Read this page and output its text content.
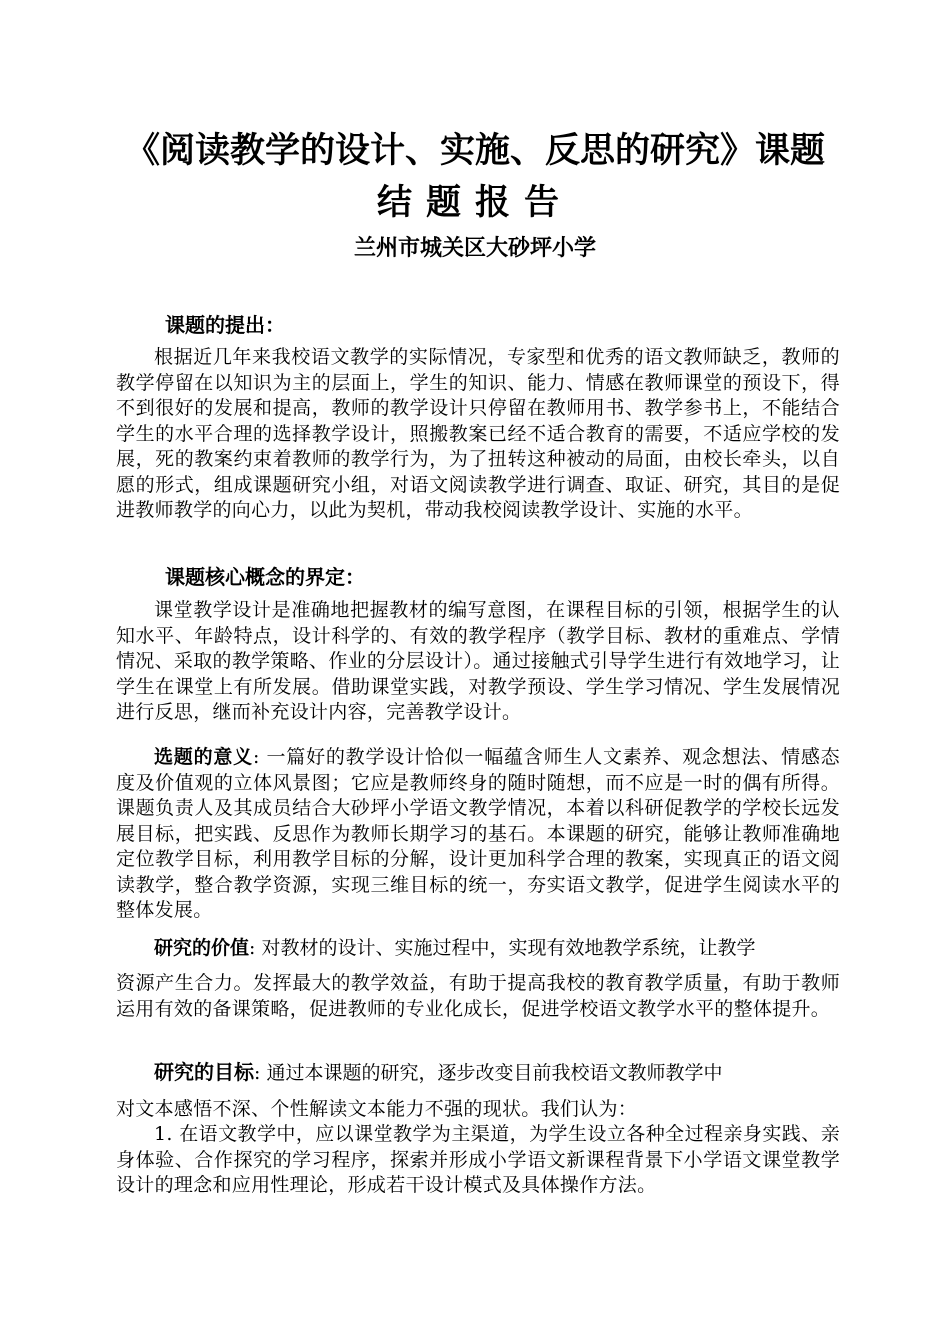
《阅读教学的设计、实施、反思的研究》课题
结题报告
兰州市城关区大砂坪小学
课题的提出：
根据近几年来我校语文教学的实际情况，专家型和优秀的语文教师缺乏，教师的教学停留在以知识为主的层面上，学生的知识、能力、情感在教师课堂的预设下，得不到很好的发展和提高，教师的教学设计只停留在教师用书、教学参书上，不能结合学生的水平合理的选择教学设计，照搬教案已经不适合教育的需要，不适应学校的发展，死的教案约束着教师的教学行为，为了扭转这种被动的局面，由校长牵头，以自愿的形式，组成课题研究小组，对语文阅读教学进行调查、取证、研究，其目的是促进教师教学的向心力，以此为契机，带动我校阅读教学设计、实施的水平。
课题核心概念的界定：
课堂教学设计是准确地把握教材的编写意图，在课程目标的引领，根据学生的认知水平、年龄特点，设计科学的、有效的教学程序（教学目标、教材的重难点、学情情况、采取的教学策略、作业的分层设计）。通过接触式引导学生进行有效地学习，让学生在课堂上有所发展。借助课堂实践，对教学预设、学生学习情况、学生发展情况进行反思，继而补充设计内容，完善教学设计。
选题的意义: 一篇好的教学设计恰似一幅蕴含师生人文素养、观念想法、情感态度及价值观的立体风景图；它应是教师终身的随时随想，而不应是一时的偶有所得。课题负责人及其成员结合大砂坪小学语文教学情况，本着以科研促教学的学校长远发展目标，把实践、反思作为教师长期学习的基石。本课题的研究，能够让教师准确地定位教学目标，利用教学目标的分解，设计更加科学合理的教案，实现真正的语文阅读教学，整合教学资源，实现三维目标的统一，夯实语文教学，促进学生阅读水平的整体发展。
研究的价值: 对教材的设计、实施过程中，实现有效地教学系统，让教学
资源产生合力。发挥最大的教学效益，有助于提高我校的教育教学质量，有助于教师运用有效的备课策略，促进教师的专业化成长，促进学校语文教学水平的整体提升。
研究的目标: 通过本课题的研究，逐步改变目前我校语文教师教学中
对文本感悟不深、个性解读文本能力不强的现状。我们认为：
1. 在语文教学中，应以课堂教学为主渠道，为学生设立各种全过程亲身实践、亲身体验、合作探究的学习程序，探索并形成小学语文新课程背景下小学语文课堂教学设计的理念和应用性理论，形成若干设计模式及具体操作方法。
